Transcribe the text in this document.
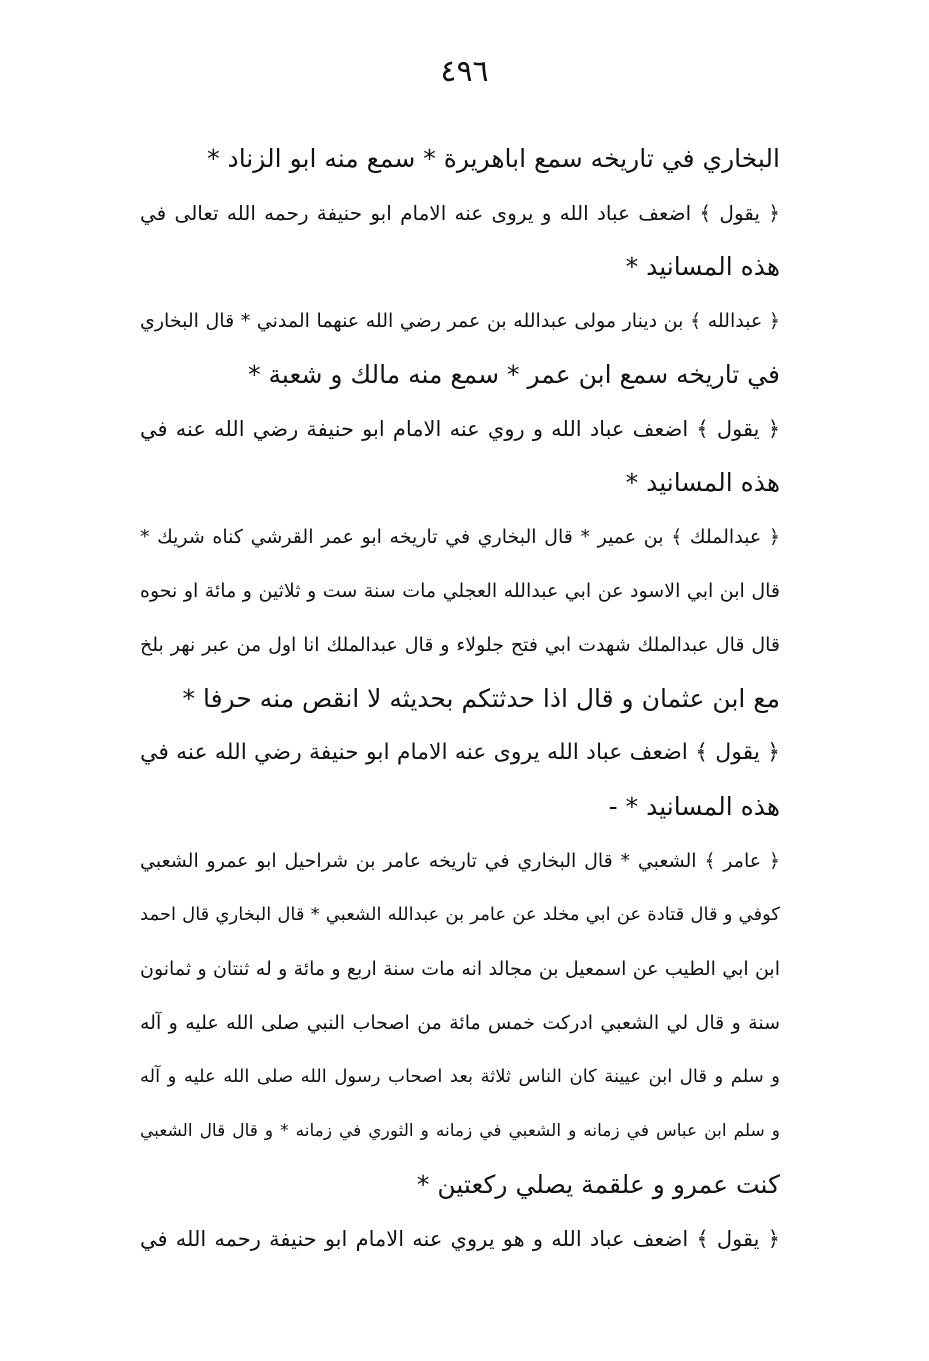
٤٩٦
البخاري في تاريخه سمع اباهريرة * سمع منه ابو الزناد *
﴿ يقول ﴾ اضعف عباد الله و يروى عنه الامام ابو حنيفة رحمه الله تعالى في
هذه المسانيد *
﴿ عبدالله ﴾ بن دينار مولى عبدالله بن عمر رضي الله عنهما المدني * قال البخاري
في تاريخه سمع ابن عمر * سمع منه مالك و شعبة *
﴿ يقول ﴾ اضعف عباد الله و روي عنه الامام ابو حنيفة رضي الله عنه في
هذه المسانيد *
﴿ عبدالملك ﴾ بن عمير * قال البخاري في تاريخه ابو عمر القرشي كناه شريك *
قال ابن ابي الاسود عن ابي عبدالله العجلي مات سنة ست و ثلاثين و مائة او نحوه
قال قال عبدالملك شهدت ابي فتح جلولاء و قال عبدالملك انا اول من عبر نهر بلخ
مع ابن عثمان و قال اذا حدثتكم بحديثه لا انقص منه حرفا *
﴿ يقول ﴾ اضعف عباد الله يروى عنه الامام ابو حنيفة رضي الله عنه في
هذه المسانيد * -
﴿ عامر ﴾ الشعبي * قال البخاري في تاريخه عامر بن شراحيل ابو عمرو الشعبي
كوفي و قال قتادة عن ابي مخلد عن عامر بن عبدالله الشعبي * قال البخاري قال احمد
ابن ابي الطيب عن اسمعيل بن مجالد انه مات سنة اربع و مائة و له ثنتان و ثمانون
سنة و قال لي الشعبي ادركت خمس مائة من اصحاب النبي صلى الله عليه و آله
و سلم و قال ابن عيينة كان الناس ثلاثة بعد اصحاب رسول الله صلى الله عليه و آله
و سلم ابن عباس في زمانه و الشعبي في زمانه و الثوري في زمانه * و قال قال الشعبي
كنت عمرو و علقمة يصلي ركعتين *
﴿ يقول ﴾ اضعف عباد الله و هو يروي عنه الامام ابو حنيفة رحمه الله في
